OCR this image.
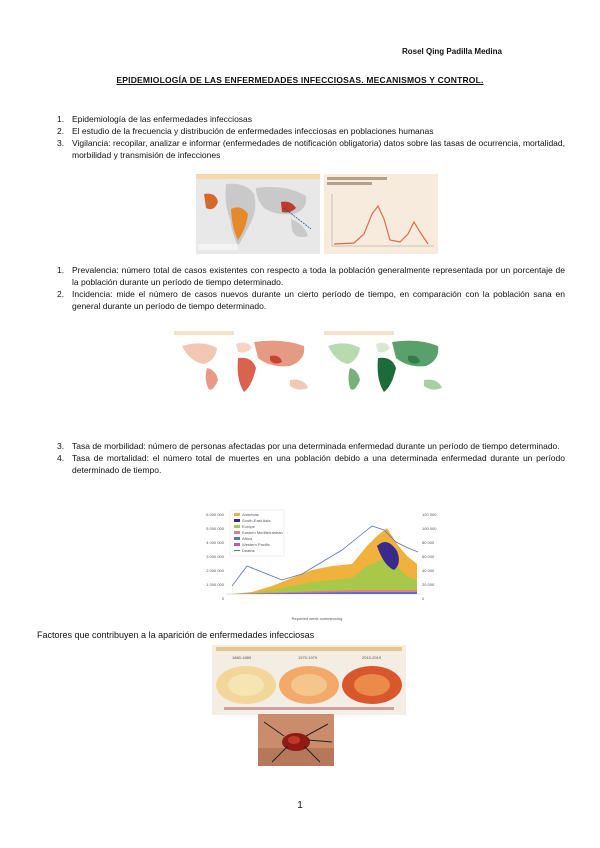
Rosel Qing Padilla Medina
EPIDEMIOLOGÍA DE LAS ENFERMEDADES INFECCIOSAS. MECANISMOS Y CONTROL.
1. Epidemiología de las enfermedades infecciosas
2. El estudio de la frecuencia y distribución de enfermedades infecciosas en poblaciones humanas
3. Vigilancia: recopilar, analizar e informar (enfermedades de notificación obligatoria) datos sobre las tasas de ocurrencia, mortalidad, morbilidad y transmisión de infecciones
1. Prevalencia: número total de casos existentes con respecto a toda la población generalmente representada por un porcentaje de la población durante un período de tiempo determinado.
2. Incidencia: mide el número de casos nuevos durante un cierto período de tiempo, en comparación con la población sana en general durante un período de tiempo determinado.
3. Tasa de morbilidad: número de personas afectadas por una determinada enfermedad durante un período de tiempo determinado.
4. Tasa de mortalidad: el número total de muertes en una población debido a una determinada enfermedad durante un período determinado de tiempo.
6 000 000
5 000 000
4 000 000
3 000 000
2 000 000
1 000 000
0
120 000
100 000
80 000
60 000
40 000
20 000
0
Americas
South-East Asia
Europe
Eastern Mediterranean
Africa
Western Pacific
Deaths
Reported week commencing
Factores que contribuyen a la aparición de enfermedades infecciosas
1880-1889	1970-1979	2010-2019
1
